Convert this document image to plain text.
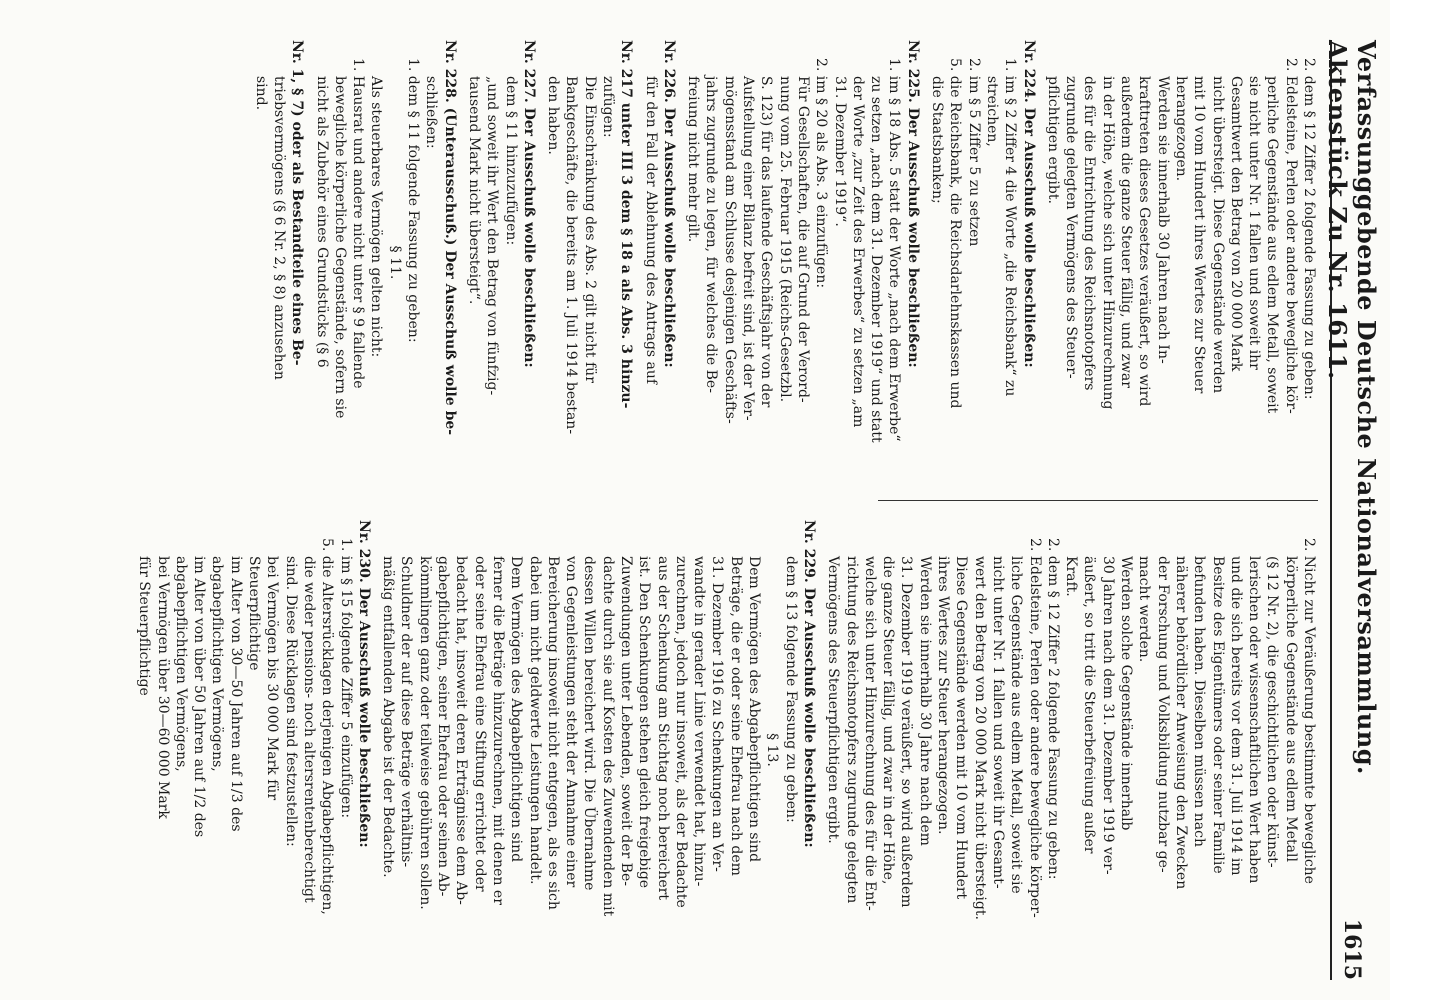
Verfassunggebende Deutsche Nationalversammlung. Aktenstück Zu Nr. 1611.
1615

2. dem § 12 Ziffer 2 folgende Fassung zu geben:

2. Edelsteine, Perlen oder andere bewegliche kör-

perliche Gegenstände aus edlem Metall, soweit

sie nicht unter Nr. 1 fallen und soweit ihr

Gesamtwert den Betrag von 20 000 Mark

nicht übersteigt. Diese Gegenstände werden

mit 10 vom Hundert ihres Wertes zur Steuer

herangezogen.

Werden sie innerhalb 30 Jahren nach In-

krafttreten dieses Gesetzes veräußert, so wird

außerdem die ganze Steuer fällig, und zwar

in der Höhe, welche sich unter Hinzurechnung

des für die Entrichtung des Reichsnotopfers

zugrunde gelegten Vermögens des Steuer-

pflichtigen ergibt.

Nr. 224. Der Ausschuß wolle beschließen:

1. im § 2 Ziffer 4 die Worte „die Reichsbank“ zu

streichen,

2. im § 5 Ziffer 5 zu setzen

5. die Reichsbank, die Reichsdarlehnskassen und

die Staatsbanken;

Nr. 225. Der Ausschuß wolle beschließen:

1. im § 18 Abs. 5 statt der Worte „nach dem Erwerbe“

zu setzen „nach dem 31. Dezember 1919“ und statt

der Worte „zur Zeit des Erwerbes“ zu setzen „am

31. Dezember 1919“.

2. im § 20 als Abs. 3 einzufügen:

Für Gesellschaften, die auf Grund der Verord-

nung vom 25. Februar 1915 (Reichs-Gesetzbl.

S. 123) für das laufende Geschäftsjahr von der

Aufstellung einer Bilanz befreit sind, ist der Ver-

mögensstand am Schlusse desjenigen Geschäfts-

jahrs zugrunde zu legen, für welches die Be-

freiung nicht mehr gilt.

Nr. 226. Der Ausschuß wolle beschließen:

für den Fall der Ablehnung des Antrags auf

Nr. 217 unter III 3 dem § 18 a als Abs. 3 hinzu-

zufügen:

Die Einschränkung des Abs. 2 gilt nicht für

Bankgeschäfte, die bereits am 1. Juli 1914 bestan-

den haben.

Nr. 227. Der Ausschuß wolle beschließen:

dem § 11 hinzuzufügen:

„und soweit ihr Wert den Betrag von fünfzig-

tausend Mark nicht übersteigt“.

Nr. 228. (Unterausschuß.) Der Ausschuß wolle be-

schließen:

1. dem § 11 folgende Fassung zu geben:

§ 11.

Als steuerbares Vermögen gelten nicht:

1. Hausrat und andere nicht unter § 9 fallende

bewegliche körperliche Gegenstände, sofern sie

nicht als Zubehör eines Grundstücks (§ 6

Nr. 1, § 7) oder als Bestandteile eines Be-

triebsvermögens (§ 6 Nr. 2, § 8) anzusehen

sind.

2. Nicht zur Veräußerung bestimmte bewegliche

körperliche Gegenstände aus edlem Metall

(§ 12 Nr. 2), die geschichtlichen oder künst-

lerischen oder wissenschaftlichen Wert haben

und die sich bereits vor dem 31. Juli 1914 im

Besitze des Eigentümers oder seiner Familie

befunden haben. Dieselben müssen nach

näherer behördlicher Anweisung den Zwecken

der Forschung und Volksbildung nutzbar ge-

macht werden.

Werden solche Gegenstände innerhalb

30 Jahren nach dem 31. Dezember 1919 ver-

äußert, so tritt die Steuerbefreiung außer

Kraft.

2. dem § 12 Ziffer 2 folgende Fassung zu geben:

2. Edelsteine, Perlen oder andere bewegliche körper-

liche Gegenstände aus edlem Metall, soweit sie

nicht unter Nr. 1 fallen und soweit ihr Gesamt-

wert den Betrag von 20 000 Mark nicht übersteigt.

Diese Gegenstände werden mit 10 vom Hundert

ihres Wertes zur Steuer herangezogen.

Werden sie innerhalb 30 Jahre nach dem

31. Dezember 1919 veräußert, so wird außerdem

die ganze Steuer fällig, und zwar in der Höhe,

welche sich unter Hinzurechnung des für die Ent-

richtung des Reichsnotopfers zugrunde gelegten

Vermögens des Steuerpflichtigen ergibt.

Nr. 229. Der Ausschuß wolle beschließen:

dem § 13 folgende Fassung zu geben:

§ 13.

Dem Vermögen des Abgabepflichtigen sind

Beträge, die er oder seine Ehefrau nach dem

31. Dezember 1916 zu Schenkungen an Ver-

wandte in gerader Linie verwendet hat, hinzu-

zurechnen, jedoch nur insoweit, als der Bedachte

aus der Schenkung am Stichtag noch bereichert

ist. Den Schenkungen stehen gleich freigebige

Zuwendungen unter Lebenden, soweit der Be-

dachte durch sie auf Kosten des Zuwendenden mit

dessen Willen bereichert wird. Die Übernahme

von Gegenleistungen steht der Annahme einer

Bereicherung insoweit nicht entgegen, als es sich

dabei um nicht geldwerte Leistungen handelt.

Dem Vermögen des Abgabepflichtigen sind

ferner die Beträge hinzuzurechnen, mit denen er

oder seine Ehefrau eine Stiftung errichtet oder

bedacht hat, insoweit deren Erträgnisse dem Ab-

gabepflichtigen, seiner Ehefrau oder seinen Ab-

kömmlingen ganz oder teilweise gebühren sollen.

Schuldner der auf diese Beträge verhältnis-

mäßig entfallenden Abgabe ist der Bedachte.

Nr. 230. Der Ausschuß wolle beschließen:

1. im § 15 folgende Ziffer 5 einzufügen:

5. die Altersrücklagen derjenigen Abgabepflichtigen,

die weder pensions- noch altersrentenberechtigt

sind. Diese Rücklagen sind festzustellen:

bei Vermögen bis 30 000 Mark für

Steuerpflichtige

im Alter von 30—50 Jahren auf 1/3 des

abgabepflichtigen Vermögens,

im Alter von über 50 Jahren auf 1/2 des

abgabepflichtigen Vermögens,

bei Vermögen über 30—60 000 Mark

für Steuerpflichtige
